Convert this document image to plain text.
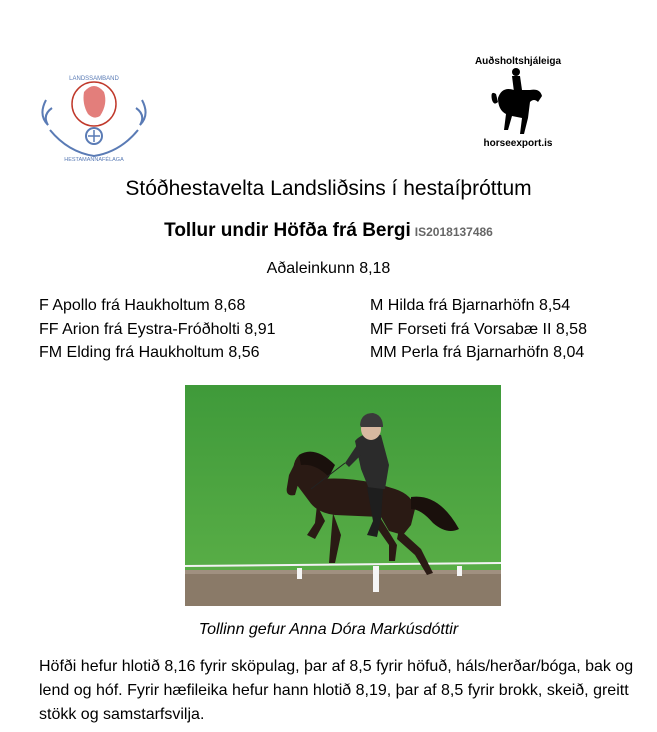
LANDSSAMBAND
HESTAMANNAFÉLAGA
Auðsholtshjáleiga
horseexport.is
Stóðhestavelta Landsliðsins í hestaíþróttum
Tollur undir Höfða frá Bergi IS2018137486
Aðaleinkunn 8,18
F Apollo frá Haukholtum 8,68
FF Arion frá Eystra-Fróðholti 8,91
FM Elding frá Haukholtum 8,56
M Hilda frá Bjarnarhöfn 8,54
MF Forseti frá Vorsabæ II 8,58
MM Perla frá Bjarnarhöfn 8,04
Tollinn gefur Anna Dóra Markúsdóttir
Höfði hefur hlotið 8,16 fyrir sköpulag, þar af 8,5 fyrir höfuð, háls/herðar/bóga, bak og lend og hóf. Fyrir hæfileika hefur hann hlotið 8,19, þar af 8,5 fyrir brokk, skeið, greitt stökk og samstarfsvilja.
